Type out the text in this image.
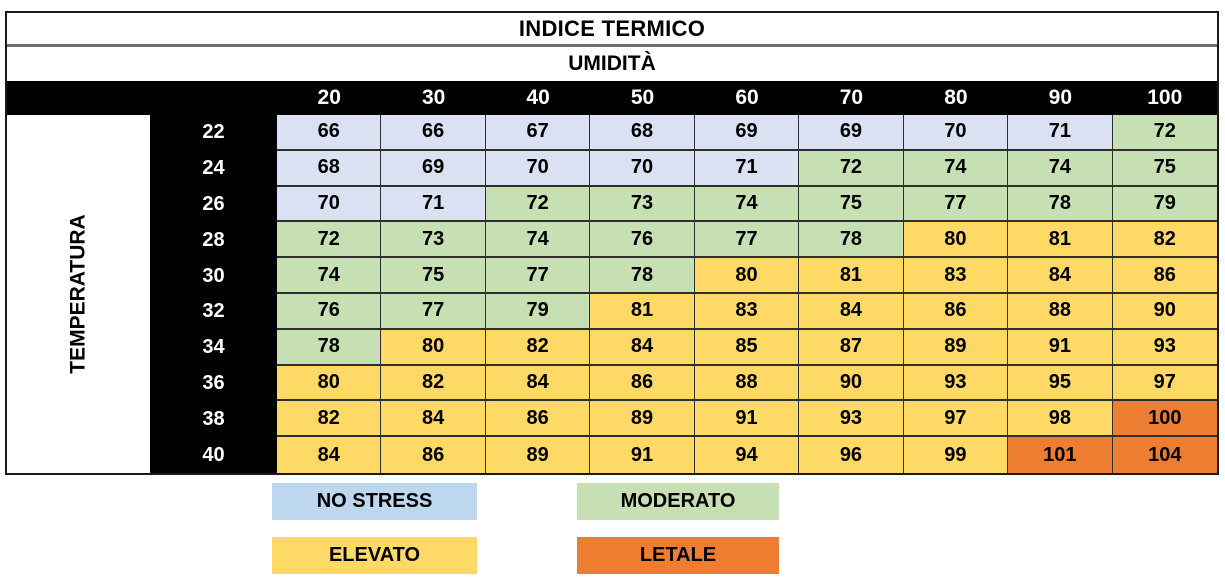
INDICE TERMICO
UMIDITÀ
20	30	40	50	60	70	80	90	100
TEMPERATURA
22	66	66	67	68	69	69	70	71	72
24	68	69	70	70	71	72	74	74	75
26	70	71	72	73	74	75	77	78	79
28	72	73	74	76	77	78	80	81	82
30	74	75	77	78	80	81	83	84	86
32	76	77	79	81	83	84	86	88	90
34	78	80	82	84	85	87	89	91	93
36	80	82	84	86	88	90	93	95	97
38	82	84	86	89	91	93	97	98	100
40	84	86	89	91	94	96	99	101	104
NO STRESS	MODERATO
ELEVATO	LETALE
